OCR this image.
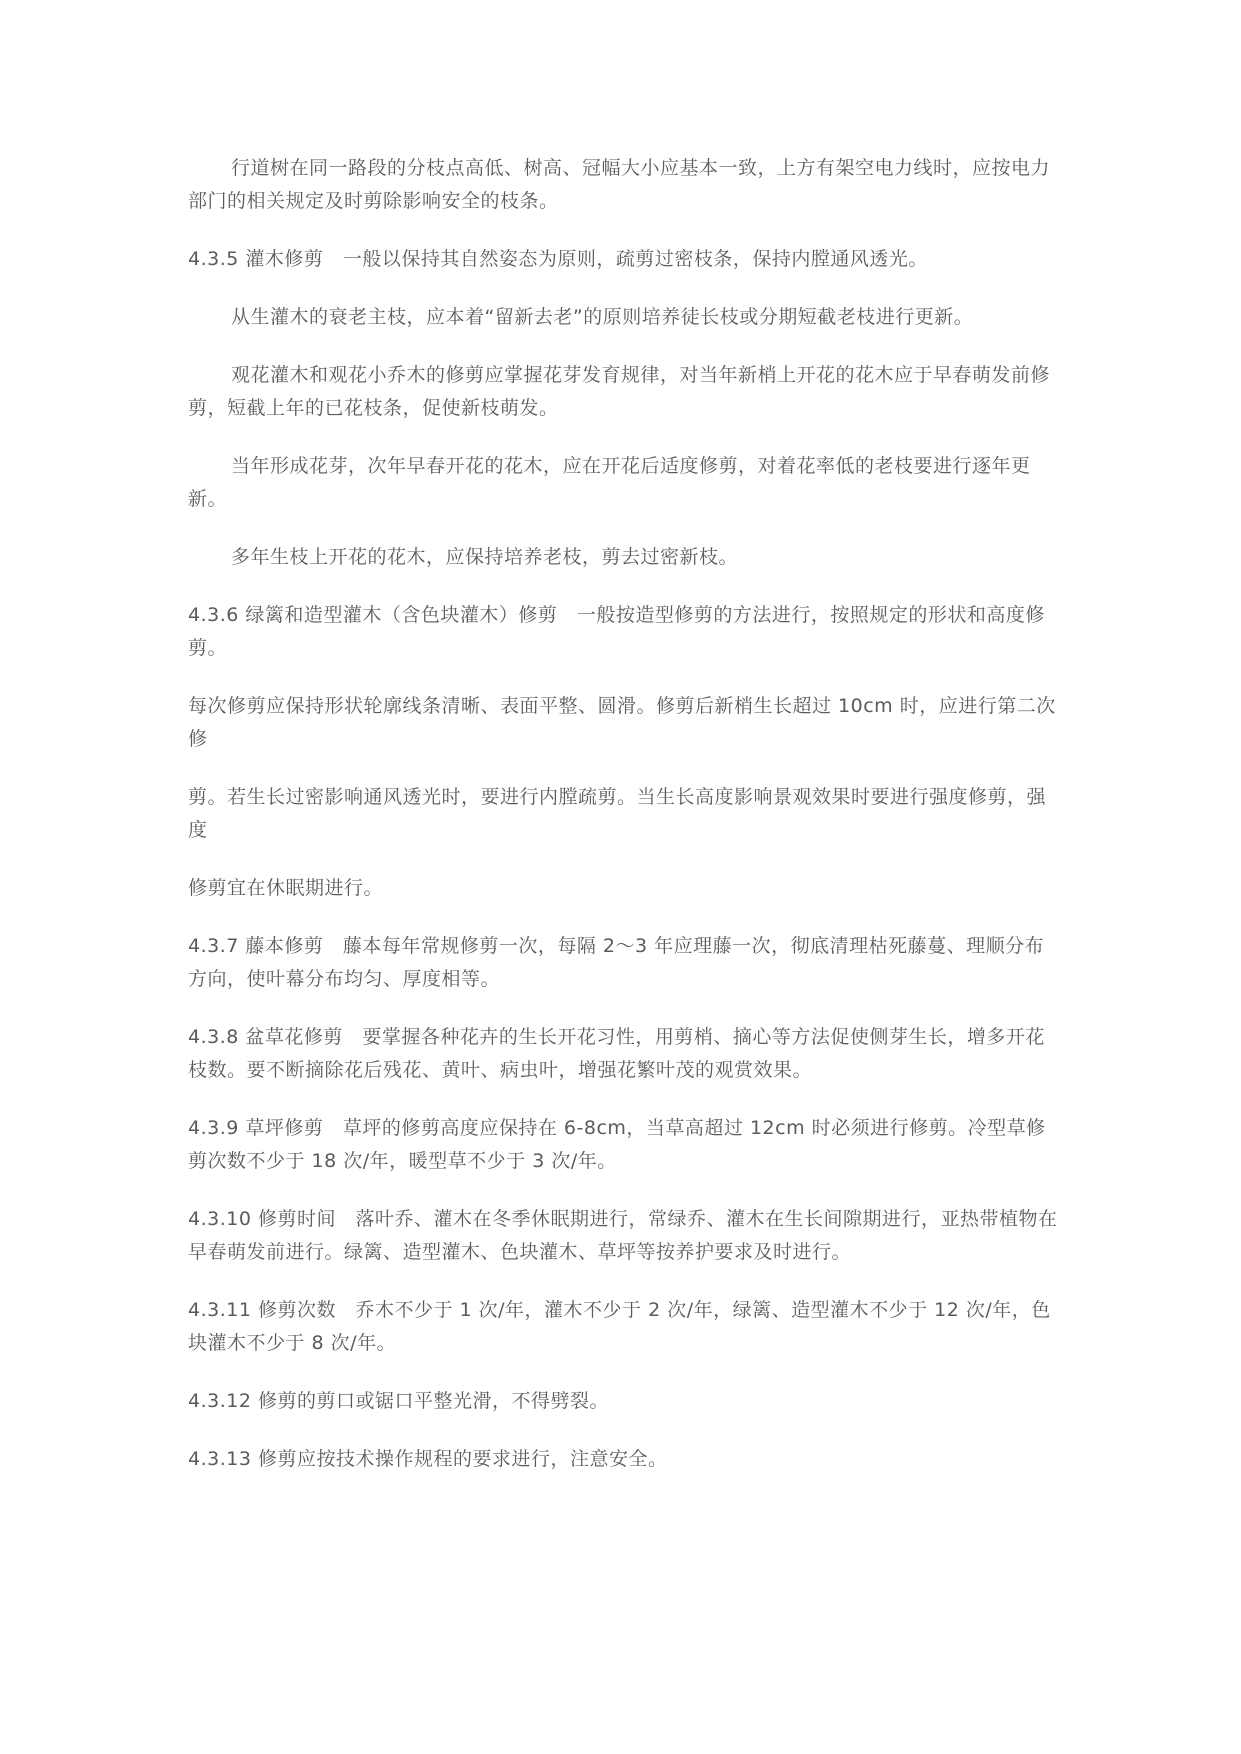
行道树在同一路段的分枝点高低、树高、冠幅大小应基本一致，上方有架空电力线时，应按电力部门的相关规定及时剪除影响安全的枝条。

4.3.5 灌木修剪　一般以保持其自然姿态为原则，疏剪过密枝条，保持内膛通风透光。

从生灌木的衰老主枝，应本着“留新去老”的原则培养徒长枝或分期短截老枝进行更新。

观花灌木和观花小乔木的修剪应掌握花芽发育规律，对当年新梢上开花的花木应于早春萌发前修剪，短截上年的已花枝条，促使新枝萌发。

当年形成花芽，次年早春开花的花木，应在开花后适度修剪，对着花率低的老枝要进行逐年更新。

多年生枝上开花的花木，应保持培养老枝，剪去过密新枝。

4.3.6 绿篱和造型灌木（含色块灌木）修剪　一般按造型修剪的方法进行，按照规定的形状和高度修剪。

每次修剪应保持形状轮廓线条清晰、表面平整、圆滑。修剪后新梢生长超过 10cm 时，应进行第二次修

剪。若生长过密影响通风透光时，要进行内膛疏剪。当生长高度影响景观效果时要进行强度修剪，强度

修剪宜在休眠期进行。

4.3.7 藤本修剪　藤本每年常规修剪一次，每隔 2～3 年应理藤一次，彻底清理枯死藤蔓、理顺分布方向，使叶幕分布均匀、厚度相等。

4.3.8 盆草花修剪　要掌握各种花卉的生长开花习性，用剪梢、摘心等方法促使侧芽生长，增多开花枝数。要不断摘除花后残花、黄叶、病虫叶，增强花繁叶茂的观赏效果。

4.3.9 草坪修剪　草坪的修剪高度应保持在 6-8cm，当草高超过 12cm 时必须进行修剪。冷型草修剪次数不少于 18 次/年，暖型草不少于 3 次/年。

4.3.10 修剪时间　落叶乔、灌木在冬季休眠期进行，常绿乔、灌木在生长间隙期进行，亚热带植物在早春萌发前进行。绿篱、造型灌木、色块灌木、草坪等按养护要求及时进行。

4.3.11 修剪次数　乔木不少于 1 次/年，灌木不少于 2 次/年，绿篱、造型灌木不少于 12 次/年，色块灌木不少于 8 次/年。

4.3.12 修剪的剪口或锯口平整光滑，不得劈裂。

4.3.13 修剪应按技术操作规程的要求进行，注意安全。
